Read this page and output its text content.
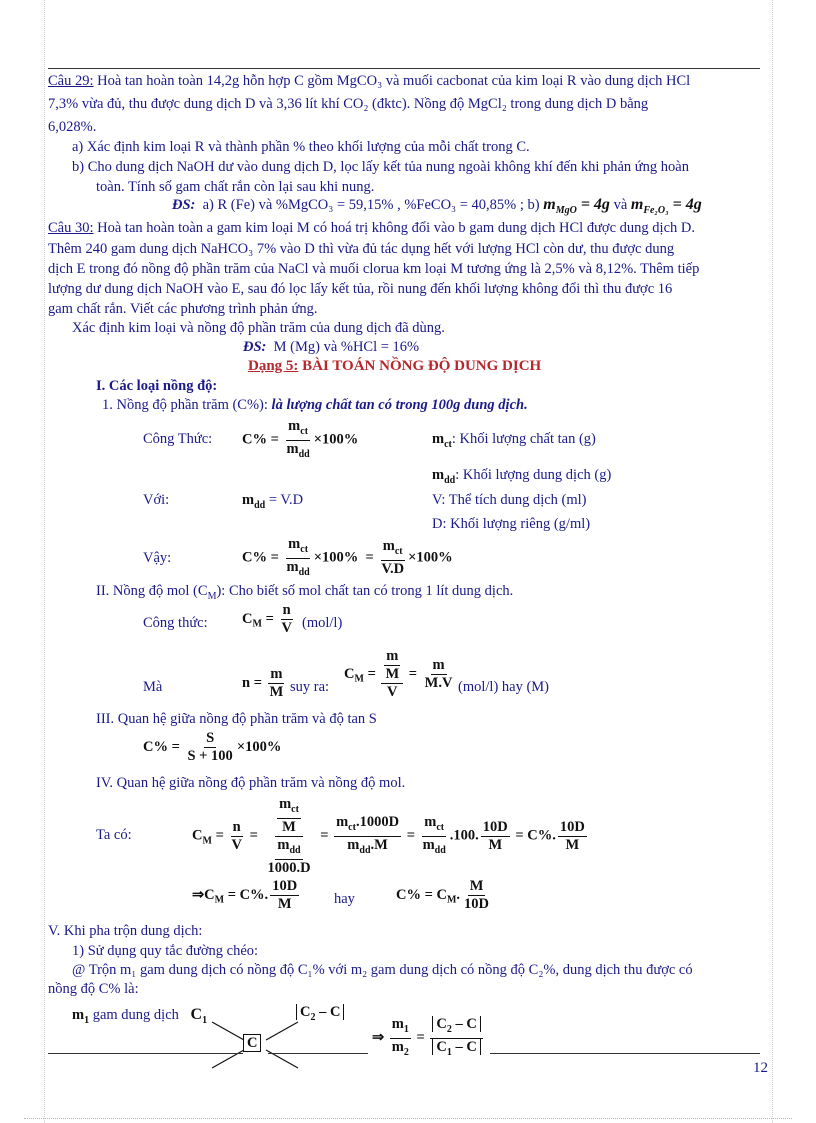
Câu 29: Hoà tan hoàn toàn 14,2g hỗn hợp C gồm MgCO₃ và muối cacbonat của kim loại R vào dung dịch HCl
7,3% vừa đủ, thu được dung dịch D và 3,36 lít khí CO₂ (đktc). Nồng độ MgCl₂ trong dung dịch D bằng
6,028%.
a) Xác định kim loại R và thành phần % theo khối lượng của mỗi chất trong C.
b) Cho dung dịch NaOH dư vào dung dịch D, lọc lấy kết tủa nung ngoài không khí đến khi phản ứng hoàn
toàn. Tính số gam chất rắn còn lại sau khi nung.
ĐS: a) R (Fe) và %MgCO₃ = 59,15% , %FeCO₃ = 40,85% ; b) $m_{MgO} = 4g$ và $m_{Fe_2O_3} = 4g$
Câu 30: Hoà tan hoàn toàn a gam kim loại M có hoá trị không đổi vào b gam dung dịch HCl được dung dịch D.
Thêm 240 gam dung dịch NaHCO₃ 7% vào D thì vừa đủ tác dụng hết với lượng HCl còn dư, thu được dung
dịch E trong đó nồng độ phần trăm của NaCl và muối clorua km loại M tương ứng là 2,5% và 8,12%. Thêm tiếp
lượng dư dung dịch NaOH vào E, sau đó lọc lấy kết tủa, rồi nung đến khối lượng không đổi thì thu được 16
gam chất rắn. Viết các phương trình phản ứng.
Xác định kim loại và nồng độ phần trăm của dung dịch đã dùng.
ĐS: M (Mg) và %HCl = 16%
Dạng 5: BÀI TOÁN NỒNG ĐỘ DUNG DỊCH
I. Các loại nồng độ:
1. Nồng độ phần trăm (C%): là lượng chất tan có trong 100g dung dịch.
Công Thức: $C\% = \frac{m_{ct}}{m_{dd}} \times 100\%$	$m_{ct}$: Khối lượng chất tan (g)
$m_{dd}$: Khối lượng dung dịch (g)
Với:	$m_{dd} = V.D$	V: Thể tích dung dịch (ml)
D: Khối lượng riêng (g/ml)
Vậy:	$C\% = \frac{m_{ct}}{m_{dd}} \times 100\% = \frac{m_{ct}}{V.D} \times 100\%$
II. Nồng độ mol $(C_M)$: Cho biết số mol chất tan có trong 1 lít dung dịch.
Công thức: $C_M = \frac{n}{V} (mol/l)$
Mà	$n = \frac{m}{M}$ suy ra:
$C_M = \frac{\frac{m}{M}}{V} = \frac{m}{M.V} (mol/l)$ hay (M)
III. Quan hệ giữa nồng độ phần trăm và độ tan S
$C\% = \frac{S}{S + 100} \times 100\%$
IV. Quan hệ giữa nồng độ phần trăm và nồng độ mol.
Ta có:	$C_M = \frac{n}{V} = \frac{\frac{m_{ct}}{M}}{\frac{m_{dd}}{1000.D}} = \frac{m_{ct}.1000D}{m_{dd}.M} = \frac{m_{ct}}{m_{dd}} .100$. $\frac{10D}{M} = C\%$. $\frac{10D}{M}$
$\Rightarrow C_M = C\%$. $\frac{10D}{M}$ hay	$C\% = C_M$. $\frac{M}{10D}$
V. Khi pha trộn dung dịch:
1) Sử dụng quy tắc đường chéo:
@ Trộn m₁ gam dung dịch có nồng độ C₁% với m₂ gam dung dịch có nồng độ C₂%, dung dịch thu được có
nồng độ C% là:
$m_1$ gam dung dịch $C_1$
$C_2$ – C
C	⇒ $\frac{m_1}{m_2} = \frac{C_2 - C}{C_1 - C}$
12
